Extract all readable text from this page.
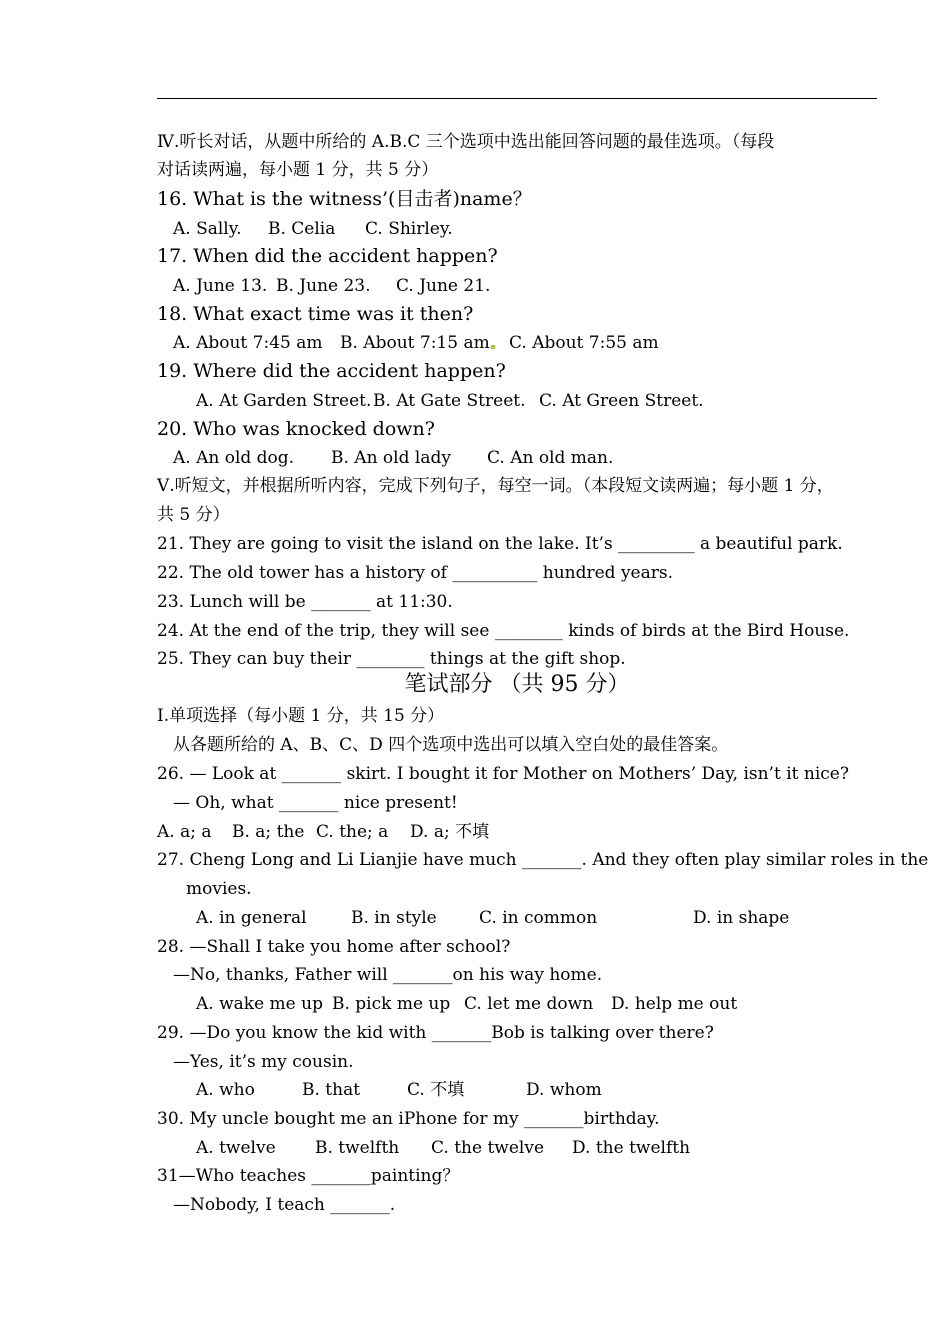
Ⅳ.听长对话，从题中所给的 A.B.C 三个选项中选出能回答问题的最佳选项。（每段
对话读两遍，每小题 1 分，共 5 分）
16. What is the witness’(目击者)name？
A. Sally. B. Celia C. Shirley.
17. When did the accident happen?
A. June 13. B. June 23. C. June 21.
18. What exact time was it then?
A. About 7:45 am B. About 7:15 am C. About 7:55 am
19. Where did the accident happen?
A. At Garden Street.B. At Gate Street. C. At Green Street.
20. Who was knocked down?
A. An old dog. B. An old lady C. An old man.
Ⅴ.听短文，并根据所听内容，完成下列句子，每空一词。（本段短文读两遍；每小题 1 分，
共 5 分）
21. They are going to visit the island on the lake. It’s _________ a beautiful park.
22. The old tower has a history of __________ hundred years.
23. Lunch will be _______ at 11:30.
24. At the end of the trip, they will see ________ kinds of birds at the Bird House.
25. They can buy their ________ things at the gift shop.
笔试部分 （共 95 分）
Ⅰ.单项选择（每小题 1 分，共 15 分）
从各题所给的 A、B、C、D 四个选项中选出可以填入空白处的最佳答案。
26. — Look at _______ skirt. I bought it for Mother on Mothers’ Day, isn’t it nice?
— Oh, what _______ nice present!
A. a; a B. a; the C. the; a D. a; 不填
27. Cheng Long and Li Lianjie have much _______. And they often play similar roles in the
movies.
A. in general	B. in style C. in common	D. in shape
28. —Shall I take you home after school?
—No, thanks, Father will _______on his way home.
A. wake me up B. pick me up C. let me down D. help me out
29. —Do you know the kid with _______Bob is talking over there?
—Yes, it’s my cousin.
A. who	B. that	C. 不填	D. whom
30. My uncle bought me an iPhone for my _______birthday.
A. twelve B. twelfth C. the twelve D. the twelfth
31—Who teaches _______painting？
—Nobody, I teach _______.
